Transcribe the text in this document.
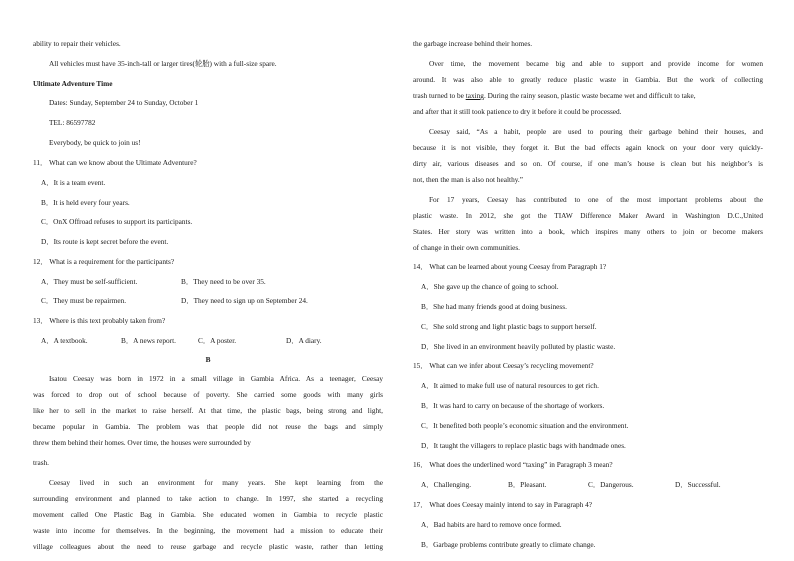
ability to repair their vehicles.
All vehicles must have 35-inch-tall or larger tires(轮胎) with a full-size spare.
Ultimate Adventure Time
Dates: Sunday, September 24 to Sunday, October 1
TEL: 86597782
Everybody, be quick to join us!
11． What can we know about the Ultimate Adventure?
A．It is a team event.
B．It is held every four years.
C．OnX Offroad refuses to support its participants.
D．Its route is kept secret before the event.
12． What is a requirement for the participants?
A．They must be self-sufficient.	B．They need to be over 35.
C．They must be repairmen.	D．They need to sign up on September 24.
13． Where is this text probably taken from?
A．A textbook.	B．A news report.	C．A poster.	D．A diary.
B
Isatou Ceesay was born in 1972 in a small village in Gambia Africa. As a teenager, Ceesay
was forced to drop out of school because of poverty. She carried some goods with many girls
like her to sell in the market to raise herself. At that time, the plastic bags, being strong and light,
became popular in Gambia. The problem was that people did not reuse the bags and simply
threw them behind their homes. Over time, the houses were surrounded by
trash.
Ceesay lived in such an environment for many years. She kept learning from the
surrounding environment and planned to take action to change. In 1997, she started a recycling
movement called One Plastic Bag in Gambia. She educated women in Gambia to recycle plastic
waste into income for themselves. In the beginning, the movement had a mission to educate their
village colleagues about the need to reuse garbage and recycle plastic waste, rather than letting
the garbage increase behind their homes.
Over time, the movement became big and able to support and provide income for women
around. It was also able to greatly reduce plastic waste in Gambia. But the work of collecting
trash turned to be taxing. During the rainy season, plastic waste became wet and difficult to take,
and after that it still took patience to dry it before it could be processed.
Ceesay said, “As a habit, people are used to pouring their garbage behind their houses, and
because it is not visible, they forget it. But the bad effects again knock on your door very quickly-
dirty air, various diseases and so on. Of course, if one man’s house is clean but his neighbor’s is
not, then the man is also not healthy.”
For 17 years, Ceesay has contributed to one of the most important problems about the
plastic waste. In 2012, she got the TIAW Difference Maker Award in Washington D.C.,United
States. Her story was written into a book, which inspires many others to join or become makers
of change in their own communities.
14． What can be learned about young Ceesay from Paragraph 1?
A．She gave up the chance of going to school.
B．She had many friends good at doing business.
C．She sold strong and light plastic bags to support herself.
D．She lived in an environment heavily polluted by plastic waste.
15． What can we infer about Ceesay’s recycling movement?
A．It aimed to make full use of natural resources to get rich.
B．It was hard to carry on because of the shortage of workers.
C．It benefited both people’s economic situation and the environment.
D．It taught the villagers to replace plastic bags with handmade ones.
16． What does the underlined word “taxing” in Paragraph 3 mean?
A．Challenging.	B．Pleasant.	C．Dangerous.	D．Successful.
17． What does Ceesay mainly intend to say in Paragraph 4?
A．Bad habits are hard to remove once formed.
B．Garbage problems contribute greatly to climate change.
